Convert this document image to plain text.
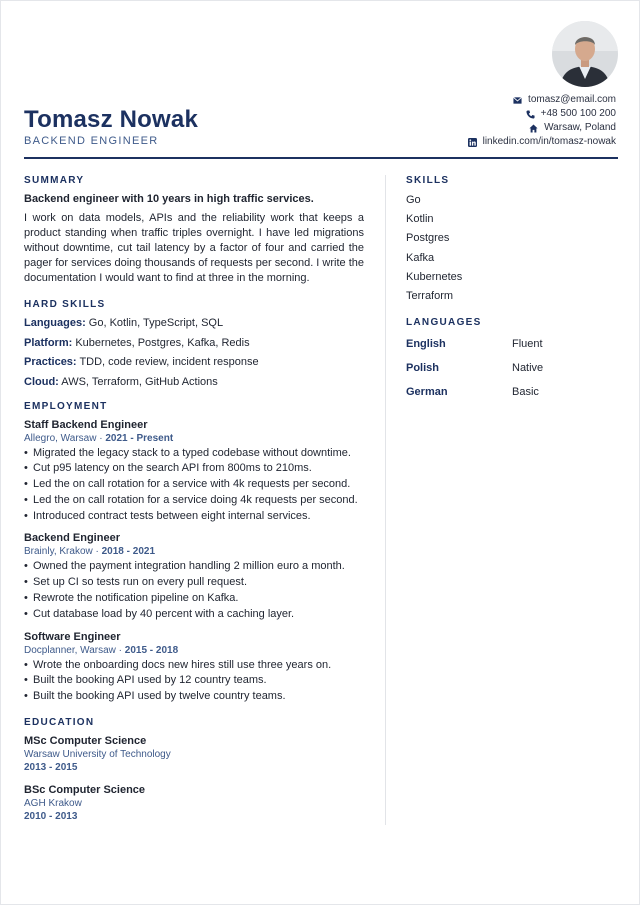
Tomasz Nowak
BACKEND ENGINEER
tomasz@email.com
+48 500 100 200
Warsaw, Poland
linkedin.com/in/tomasz-nowak
SUMMARY
Backend engineer with 10 years in high traffic services.
I work on data models, APIs and the reliability work that keeps a product standing when traffic triples overnight. I have led migrations without downtime, cut tail latency by a factor of four and carried the pager for services doing thousands of requests per second. I write the documentation I would want to find at three in the morning.
HARD SKILLS
Languages: Go, Kotlin, TypeScript, SQL
Platform: Kubernetes, Postgres, Kafka, Redis
Practices: TDD, code review, incident response
Cloud: AWS, Terraform, GitHub Actions
EMPLOYMENT
Staff Backend Engineer
Allegro, Warsaw · 2021 - Present
• Migrated the legacy stack to a typed codebase without downtime.
• Cut p95 latency on the search API from 800ms to 210ms.
• Led the on call rotation for a service with 4k requests per second.
• Led the on call rotation for a service doing 4k requests per second.
• Introduced contract tests between eight internal services.
Backend Engineer
Brainly, Krakow · 2018 - 2021
• Owned the payment integration handling 2 million euro a month.
• Set up CI so tests run on every pull request.
• Rewrote the notification pipeline on Kafka.
• Cut database load by 40 percent with a caching layer.
Software Engineer
Docplanner, Warsaw · 2015 - 2018
• Wrote the onboarding docs new hires still use three years on.
• Built the booking API used by 12 country teams.
• Built the booking API used by twelve country teams.
EDUCATION
MSc Computer Science
Warsaw University of Technology
2013 - 2015
BSc Computer Science
AGH Krakow
2010 - 2013
SKILLS
Go
Kotlin
Postgres
Kafka
Kubernetes
Terraform
LANGUAGES
English	Fluent
Polish	Native
German	Basic
